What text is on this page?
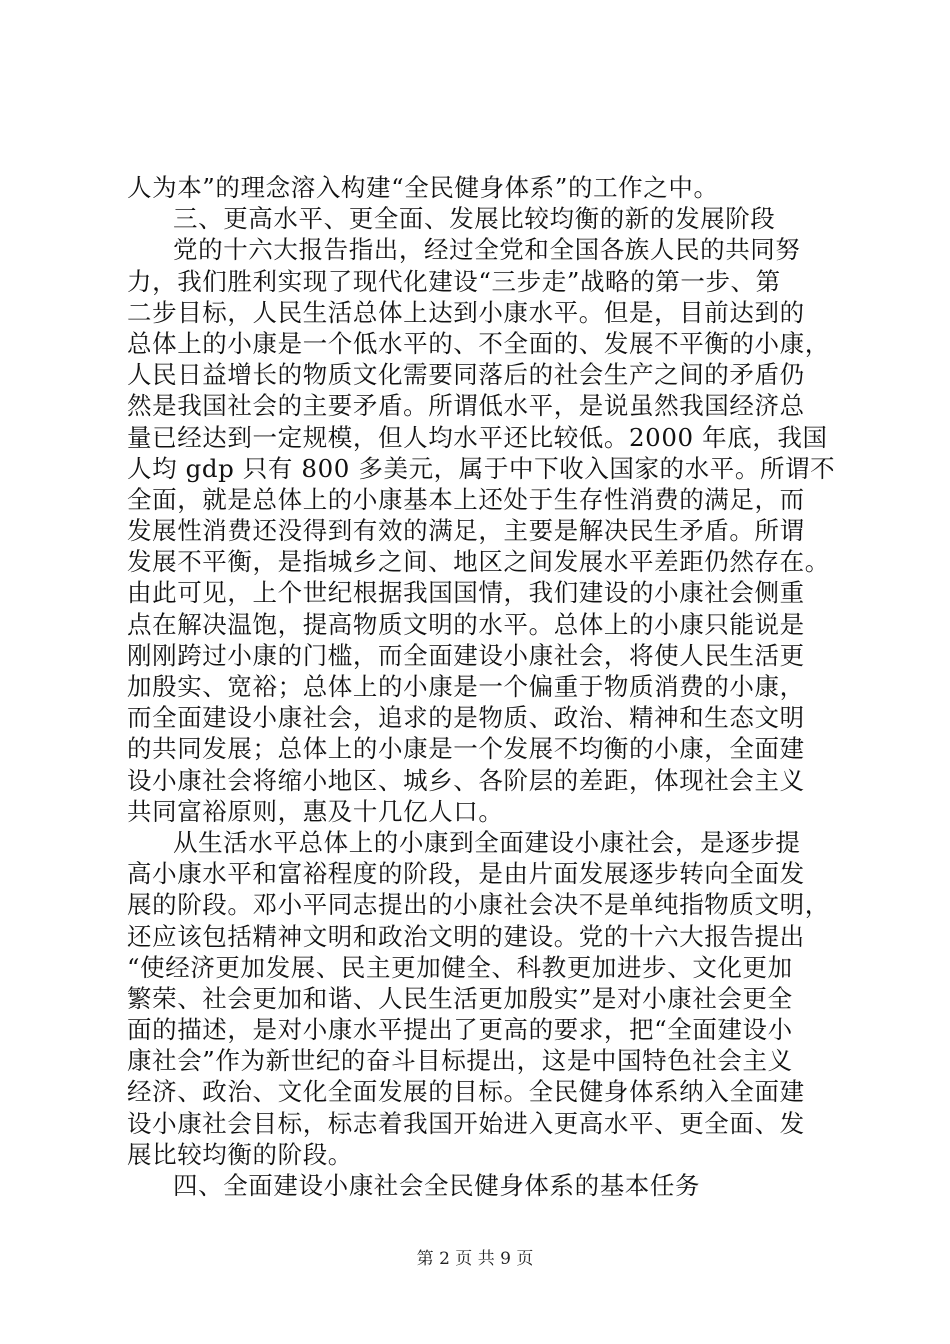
人为本”的理念溶入构建“全民健身体系”的工作之中。
三、更高水平、更全面、发展比较均衡的新的发展阶段
党的十六大报告指出，经过全党和全国各族人民的共同努
力，我们胜利实现了现代化建设“三步走”战略的第一步、第
二步目标，人民生活总体上达到小康水平。但是，目前达到的
总体上的小康是一个低水平的、不全面的、发展不平衡的小康，
人民日益增长的物质文化需要同落后的社会生产之间的矛盾仍
然是我国社会的主要矛盾。所谓低水平，是说虽然我国经济总
量已经达到一定规模，但人均水平还比较低。2000 年底，我国
人均 gdp 只有 800 多美元，属于中下收入国家的水平。所谓不
全面，就是总体上的小康基本上还处于生存性消费的满足，而
发展性消费还没得到有效的满足，主要是解决民生矛盾。所谓
发展不平衡，是指城乡之间、地区之间发展水平差距仍然存在。
由此可见，上个世纪根据我国国情，我们建设的小康社会侧重
点在解决温饱，提高物质文明的水平。总体上的小康只能说是
刚刚跨过小康的门槛，而全面建设小康社会，将使人民生活更
加殷实、宽裕；总体上的小康是一个偏重于物质消费的小康，
而全面建设小康社会，追求的是物质、政治、精神和生态文明
的共同发展；总体上的小康是一个发展不均衡的小康，全面建
设小康社会将缩小地区、城乡、各阶层的差距，体现社会主义
共同富裕原则，惠及十几亿人口。
从生活水平总体上的小康到全面建设小康社会，是逐步提
高小康水平和富裕程度的阶段，是由片面发展逐步转向全面发
展的阶段。邓小平同志提出的小康社会决不是单纯指物质文明，
还应该包括精神文明和政治文明的建设。党的十六大报告提出
“使经济更加发展、民主更加健全、科教更加进步、文化更加
繁荣、社会更加和谐、人民生活更加殷实”是对小康社会更全
面的描述，是对小康水平提出了更高的要求，把“全面建设小
康社会”作为新世纪的奋斗目标提出，这是中国特色社会主义
经济、政治、文化全面发展的目标。全民健身体系纳入全面建
设小康社会目标，标志着我国开始进入更高水平、更全面、发
展比较均衡的阶段。
四、全面建设小康社会全民健身体系的基本任务
第 2 页 共 9 页
